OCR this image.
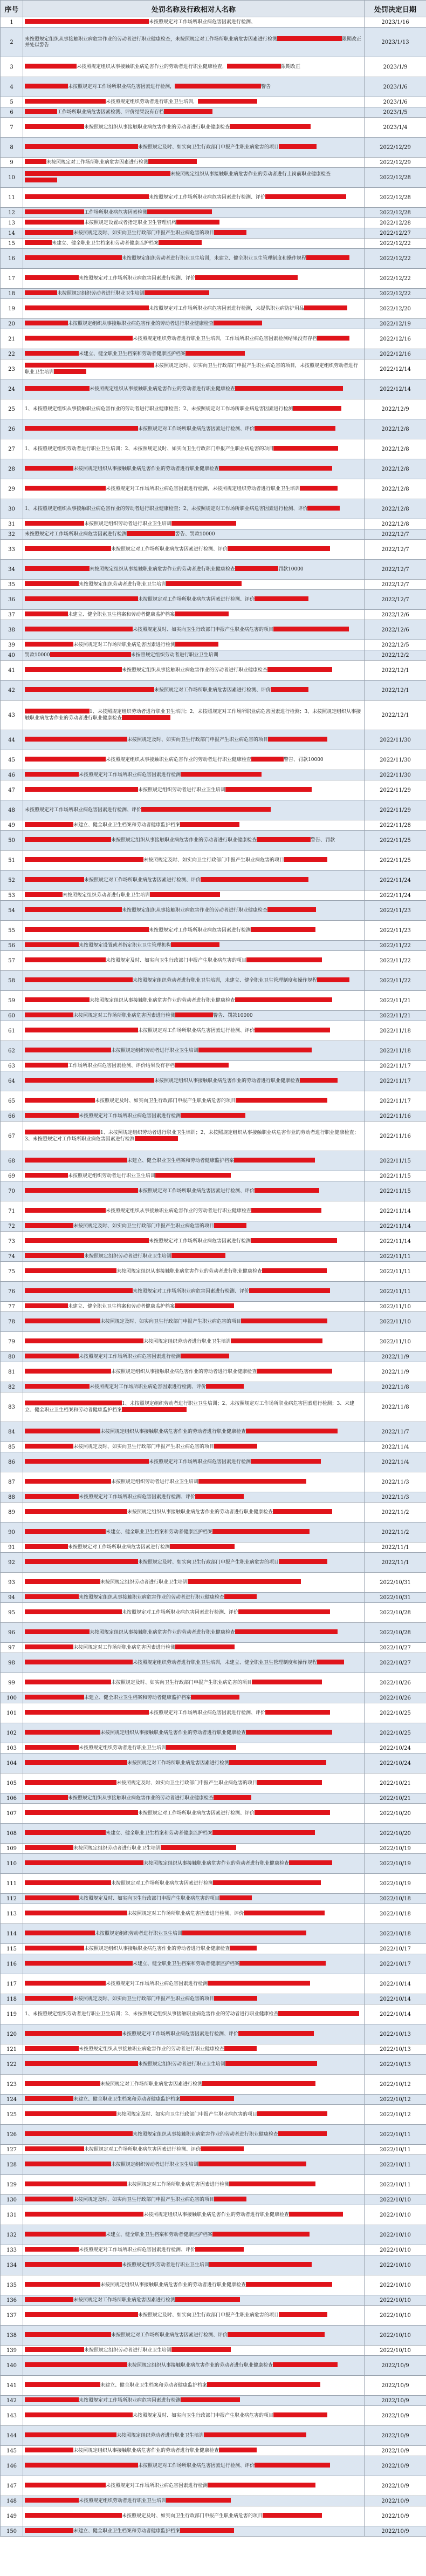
序号	处罚名称及行政相对人名称	处罚决定日期
1	未按照规定对工作场所职业病危害因素进行检测、	2023/1/16
2	未按照规定组织从事接触职业病危害作业的劳动者进行职业健康检查，未按照规定对工作场所职业病危害因素进行检测 限期改正并处以警告	2023/1/13
3	未按照规定组织从事接触职业病危害作业的劳动者进行职业健康检查， 限期改正	2023/1/9
4	未按照规定对工作场所职业病危害因素进行检测， 警告	2023/1/6
5	未按照规定组织劳动者进行职业卫生培训，	2023/1/6
6	工作场所职业病危害因素检测、评价结果没有存档	2023/1/5
7	未按照规定组织从事接触职业病危害作业的劳动者进行职业健康检查	2023/1/4
8	未按照规定及时、如实向卫生行政部门申报产生职业病危害的项目	2022/12/29
9	未按照规定对工作场所职业病危害因素进行检测	2022/12/29
10	未按照规定组织从事接触职业病危害作业的劳动者进行上岗前职业健康检查	2022/12/28
11	未按照规定对工作场所职业病危害因素进行检测、评价	2022/12/28
12	工作场所职业病危害因素检测	2022/12/28
13	未按照规定设置或者指定职业卫生管理机构	2022/12/28
14	未按照规定及时、如实向卫生行政部门申报产生职业病危害的项目	2022/12/27
15	未建立、健全职业卫生档案和劳动者健康监护档案	2022/12/22
16	未按照规定组织劳动者进行职业卫生培训，未建立、健全职业卫生管理制度和操作规程	2022/12/22
17	未按照规定对工作场所职业病危害因素进行检测、评价	2022/12/22
18	未按照规定组织劳动者进行职业卫生培训	2022/12/22
19	未按照规定对工作场所职业病危害因素进行检测，未提供职业病防护用品	2022/12/20
20	未按照规定组织从事接触职业病危害作业的劳动者进行职业健康检查	2022/12/19
21	未按照规定组织劳动者进行职业卫生培训，工作场所职业病危害因素检测结果没有存档	2022/12/16
22	未建立、健全职业卫生档案和劳动者健康监护档案	2022/12/16
23	未按照规定及时、如实向卫生行政部门申报产生职业病危害的项目，未按照规定组织劳动者进行职业卫生培训	2022/12/14
24	未按照规定组织从事接触职业病危害作业的劳动者进行职业健康检查	2022/12/14
25	1、未按照规定组织从事接触职业病危害作业的劳动者进行职业健康检查；2、未按照规定对工作场所职业病危害因素进行检测	2022/12/9
26	未按照规定对工作场所职业病危害因素进行检测、评价	2022/12/8
27	1、未按照规定组织劳动者进行职业卫生培训；2、未按照规定及时、如实向卫生行政部门申报产生职业病危害的项目	2022/12/8
28	未按照规定组织从事接触职业病危害作业的劳动者进行职业健康检查	2022/12/8
29	未按照规定对工作场所职业病危害因素进行检测，未按照规定组织劳动者进行职业卫生培训	2022/12/8
30	1、未按照规定组织从事接触职业病危害作业的劳动者进行职业健康检查；2、未按照规定对工作场所职业病危害因素进行检测、评价	2022/12/8
31	未按照规定组织劳动者进行职业卫生培训	2022/12/8
32	未按照规定对工作场所职业病危害因素进行检测 警告、罚款10000	2022/12/7
33	未按照规定对工作场所职业病危害因素进行检测、评价	2022/12/7
34	未按照规定组织从事接触职业病危害作业的劳动者进行职业健康检查 罚款10000	2022/12/7
35	未按照规定组织劳动者进行职业卫生培训	2022/12/7
36	未按照规定对工作场所职业病危害因素进行检测、评价	2022/12/7
37	未建立、健全职业卫生档案和劳动者健康监护档案	2022/12/6
38	未按照规定及时、如实向卫生行政部门申报产生职业病危害的项目	2022/12/6
39	未按照规定对工作场所职业病危害因素进行检测	2022/12/5
40	罚款10000 未按照规定组织劳动者进行职业卫生培训	2022/12/2
41	未按照规定组织从事接触职业病危害作业的劳动者进行职业健康检查	2022/12/1
42	未按照规定对工作场所职业病危害因素进行检测、评价	2022/12/1
43	1、未按照规定组织劳动者进行职业卫生培训；2、未按照规定对工作场所职业病危害因素进行检测；3、未按照规定组织从事接触职业病危害作业的劳动者进行职业健康检查	2022/12/1
44	未按照规定及时、如实向卫生行政部门申报产生职业病危害的项目	2022/11/30
45	未按照规定组织从事接触职业病危害作业的劳动者进行职业健康检查 警告、罚款10000	2022/11/30
46	未按照规定对工作场所职业病危害因素进行检测	2022/11/30
47	未按照规定组织劳动者进行职业卫生培训	2022/11/29
48	未按照规定对工作场所职业病危害因素进行检测、评价	2022/11/29
49	未建立、健全职业卫生档案和劳动者健康监护档案	2022/11/28
50	未按照规定组织从事接触职业病危害作业的劳动者进行职业健康检查 警告、罚款	2022/11/25
51	未按照规定及时、如实向卫生行政部门申报产生职业病危害的项目	2022/11/25
52	未按照规定对工作场所职业病危害因素进行检测、评价	2022/11/24
53	未按照规定组织劳动者进行职业卫生培训	2022/11/24
54	未按照规定组织从事接触职业病危害作业的劳动者进行职业健康检查	2022/11/23
55	未按照规定对工作场所职业病危害因素进行检测	2022/11/23
56	未按照规定设置或者指定职业卫生管理机构	2022/11/22
57	未按照规定及时、如实向卫生行政部门申报产生职业病危害的项目	2022/11/22
58	未按照规定组织劳动者进行职业卫生培训，未建立、健全职业卫生管理制度和操作规程	2022/11/22
59	未按照规定组织从事接触职业病危害作业的劳动者进行职业健康检查	2022/11/21
60	未按照规定对工作场所职业病危害因素进行检测 警告、罚款10000	2022/11/21
61	未按照规定对工作场所职业病危害因素进行检测、评价	2022/11/18
62	未按照规定组织劳动者进行职业卫生培训	2022/11/18
63	工作场所职业病危害因素检测、评价结果没有存档	2022/11/17
64	未按照规定组织从事接触职业病危害作业的劳动者进行职业健康检查	2022/11/17
65	未按照规定及时、如实向卫生行政部门申报产生职业病危害的项目	2022/11/17
66	未按照规定对工作场所职业病危害因素进行检测	2022/11/16
67	1、未按照规定组织劳动者进行职业卫生培训；2、未按照规定组织从事接触职业病危害作业的劳动者进行职业健康检查；3、未按照规定对工作场所职业病危害因素进行检测	2022/11/16
68	未建立、健全职业卫生档案和劳动者健康监护档案	2022/11/15
69	未按照规定组织劳动者进行职业卫生培训	2022/11/15
70	未按照规定对工作场所职业病危害因素进行检测、评价	2022/11/15
71	未按照规定组织从事接触职业病危害作业的劳动者进行职业健康检查	2022/11/14
72	未按照规定及时、如实向卫生行政部门申报产生职业病危害的项目	2022/11/14
73	未按照规定对工作场所职业病危害因素进行检测	2022/11/14
74	未按照规定组织劳动者进行职业卫生培训	2022/11/11
75	未按照规定组织从事接触职业病危害作业的劳动者进行职业健康检查	2022/11/11
76	未按照规定对工作场所职业病危害因素进行检测、评价	2022/11/11
77	未建立、健全职业卫生档案和劳动者健康监护档案	2022/11/10
78	未按照规定及时、如实向卫生行政部门申报产生职业病危害的项目	2022/11/10
79	未按照规定组织劳动者进行职业卫生培训	2022/11/10
80	未按照规定对工作场所职业病危害因素进行检测	2022/11/9
81	未按照规定组织从事接触职业病危害作业的劳动者进行职业健康检查	2022/11/9
82	未按照规定对工作场所职业病危害因素进行检测、评价	2022/11/8
83	1、未按照规定组织劳动者进行职业卫生培训；2、未按照规定对工作场所职业病危害因素进行检测；3、未建立、健全职业卫生档案和劳动者健康监护档案	2022/11/8
84	未按照规定组织从事接触职业病危害作业的劳动者进行职业健康检查	2022/11/7
85	未按照规定及时、如实向卫生行政部门申报产生职业病危害的项目	2022/11/4
86	未按照规定对工作场所职业病危害因素进行检测	2022/11/4
87	未按照规定组织劳动者进行职业卫生培训	2022/11/3
88	未按照规定对工作场所职业病危害因素进行检测、评价	2022/11/3
89	未按照规定组织从事接触职业病危害作业的劳动者进行职业健康检查	2022/11/2
90	未建立、健全职业卫生档案和劳动者健康监护档案	2022/11/2
91	未按照规定对工作场所职业病危害因素进行检测	2022/11/1
92	未按照规定及时、如实向卫生行政部门申报产生职业病危害的项目	2022/11/1
93	未按照规定组织劳动者进行职业卫生培训	2022/10/31
94	未按照规定组织从事接触职业病危害作业的劳动者进行职业健康检查	2022/10/31
95	未按照规定对工作场所职业病危害因素进行检测、评价	2022/10/28
96	未按照规定组织从事接触职业病危害作业的劳动者进行职业健康检查	2022/10/28
97	未按照规定对工作场所职业病危害因素进行检测	2022/10/27
98	未按照规定组织劳动者进行职业卫生培训，未建立、健全职业卫生管理制度和操作规程	2022/10/27
99	未按照规定及时、如实向卫生行政部门申报产生职业病危害的项目	2022/10/26
100	未建立、健全职业卫生档案和劳动者健康监护档案	2022/10/26
101	未按照规定对工作场所职业病危害因素进行检测、评价	2022/10/25
102	未按照规定组织从事接触职业病危害作业的劳动者进行职业健康检查	2022/10/25
103	未按照规定组织劳动者进行职业卫生培训	2022/10/24
104	未按照规定对工作场所职业病危害因素进行检测	2022/10/24
105	未按照规定及时、如实向卫生行政部门申报产生职业病危害的项目	2022/10/21
106	未按照规定组织从事接触职业病危害作业的劳动者进行职业健康检查	2022/10/21
107	未按照规定对工作场所职业病危害因素进行检测、评价	2022/10/20
108	未建立、健全职业卫生档案和劳动者健康监护档案	2022/10/20
109	未按照规定组织劳动者进行职业卫生培训	2022/10/19
110	未按照规定组织从事接触职业病危害作业的劳动者进行职业健康检查	2022/10/19
111	未按照规定对工作场所职业病危害因素进行检测	2022/10/19
112	未按照规定及时、如实向卫生行政部门申报产生职业病危害的项目	2022/10/18
113	未按照规定对工作场所职业病危害因素进行检测、评价	2022/10/18
114	未按照规定组织劳动者进行职业卫生培训	2022/10/18
115	未按照规定组织从事接触职业病危害作业的劳动者进行职业健康检查	2022/10/17
116	未建立、健全职业卫生档案和劳动者健康监护档案	2022/10/17
117	未按照规定对工作场所职业病危害因素进行检测	2022/10/14
118	未按照规定及时、如实向卫生行政部门申报产生职业病危害的项目	2022/10/14
119	1、未按照规定组织劳动者进行职业卫生培训；2、未按照规定组织从事接触职业病危害作业的劳动者进行职业健康检查	2022/10/14
120	未按照规定对工作场所职业病危害因素进行检测、评价	2022/10/13
121	未按照规定组织从事接触职业病危害作业的劳动者进行职业健康检查	2022/10/13
122	未按照规定组织劳动者进行职业卫生培训	2022/10/13
123	未按照规定对工作场所职业病危害因素进行检测	2022/10/12
124	未建立、健全职业卫生档案和劳动者健康监护档案	2022/10/12
125	未按照规定及时、如实向卫生行政部门申报产生职业病危害的项目	2022/10/12
126	未按照规定组织从事接触职业病危害作业的劳动者进行职业健康检查	2022/10/11
127	未按照规定对工作场所职业病危害因素进行检测、评价	2022/10/11
128	未按照规定组织劳动者进行职业卫生培训	2022/10/11
129	未按照规定对工作场所职业病危害因素进行检测	2022/10/11
130	未按照规定及时、如实向卫生行政部门申报产生职业病危害的项目	2022/10/10
131	未按照规定组织从事接触职业病危害作业的劳动者进行职业健康检查	2022/10/10
132	未建立、健全职业卫生档案和劳动者健康监护档案	2022/10/10
133	未按照规定对工作场所职业病危害因素进行检测、评价	2022/10/10
134	未按照规定组织劳动者进行职业卫生培训	2022/10/10
135	未按照规定组织从事接触职业病危害作业的劳动者进行职业健康检查	2022/10/10
136	未按照规定对工作场所职业病危害因素进行检测	2022/10/10
137	未按照规定及时、如实向卫生行政部门申报产生职业病危害的项目	2022/10/10
138	未按照规定对工作场所职业病危害因素进行检测、评价	2022/10/10
139	未按照规定组织劳动者进行职业卫生培训	2022/10/10
140	未按照规定组织从事接触职业病危害作业的劳动者进行职业健康检查	2022/10/9
141	未建立、健全职业卫生档案和劳动者健康监护档案	2022/10/9
142	未按照规定对工作场所职业病危害因素进行检测	2022/10/9
143	未按照规定及时、如实向卫生行政部门申报产生职业病危害的项目	2022/10/9
144	未按照规定组织劳动者进行职业卫生培训	2022/10/9
145	未按照规定组织从事接触职业病危害作业的劳动者进行职业健康检查	2022/10/9
146	未按照规定对工作场所职业病危害因素进行检测、评价	2022/10/9
147	未按照规定对工作场所职业病危害因素进行检测	2022/10/9
148	未按照规定组织劳动者进行职业卫生培训	2022/10/9
149	未按照规定及时、如实向卫生行政部门申报产生职业病危害的项目	2022/10/9
150	未建立、健全职业卫生档案和劳动者健康监护档案	2022/10/9
